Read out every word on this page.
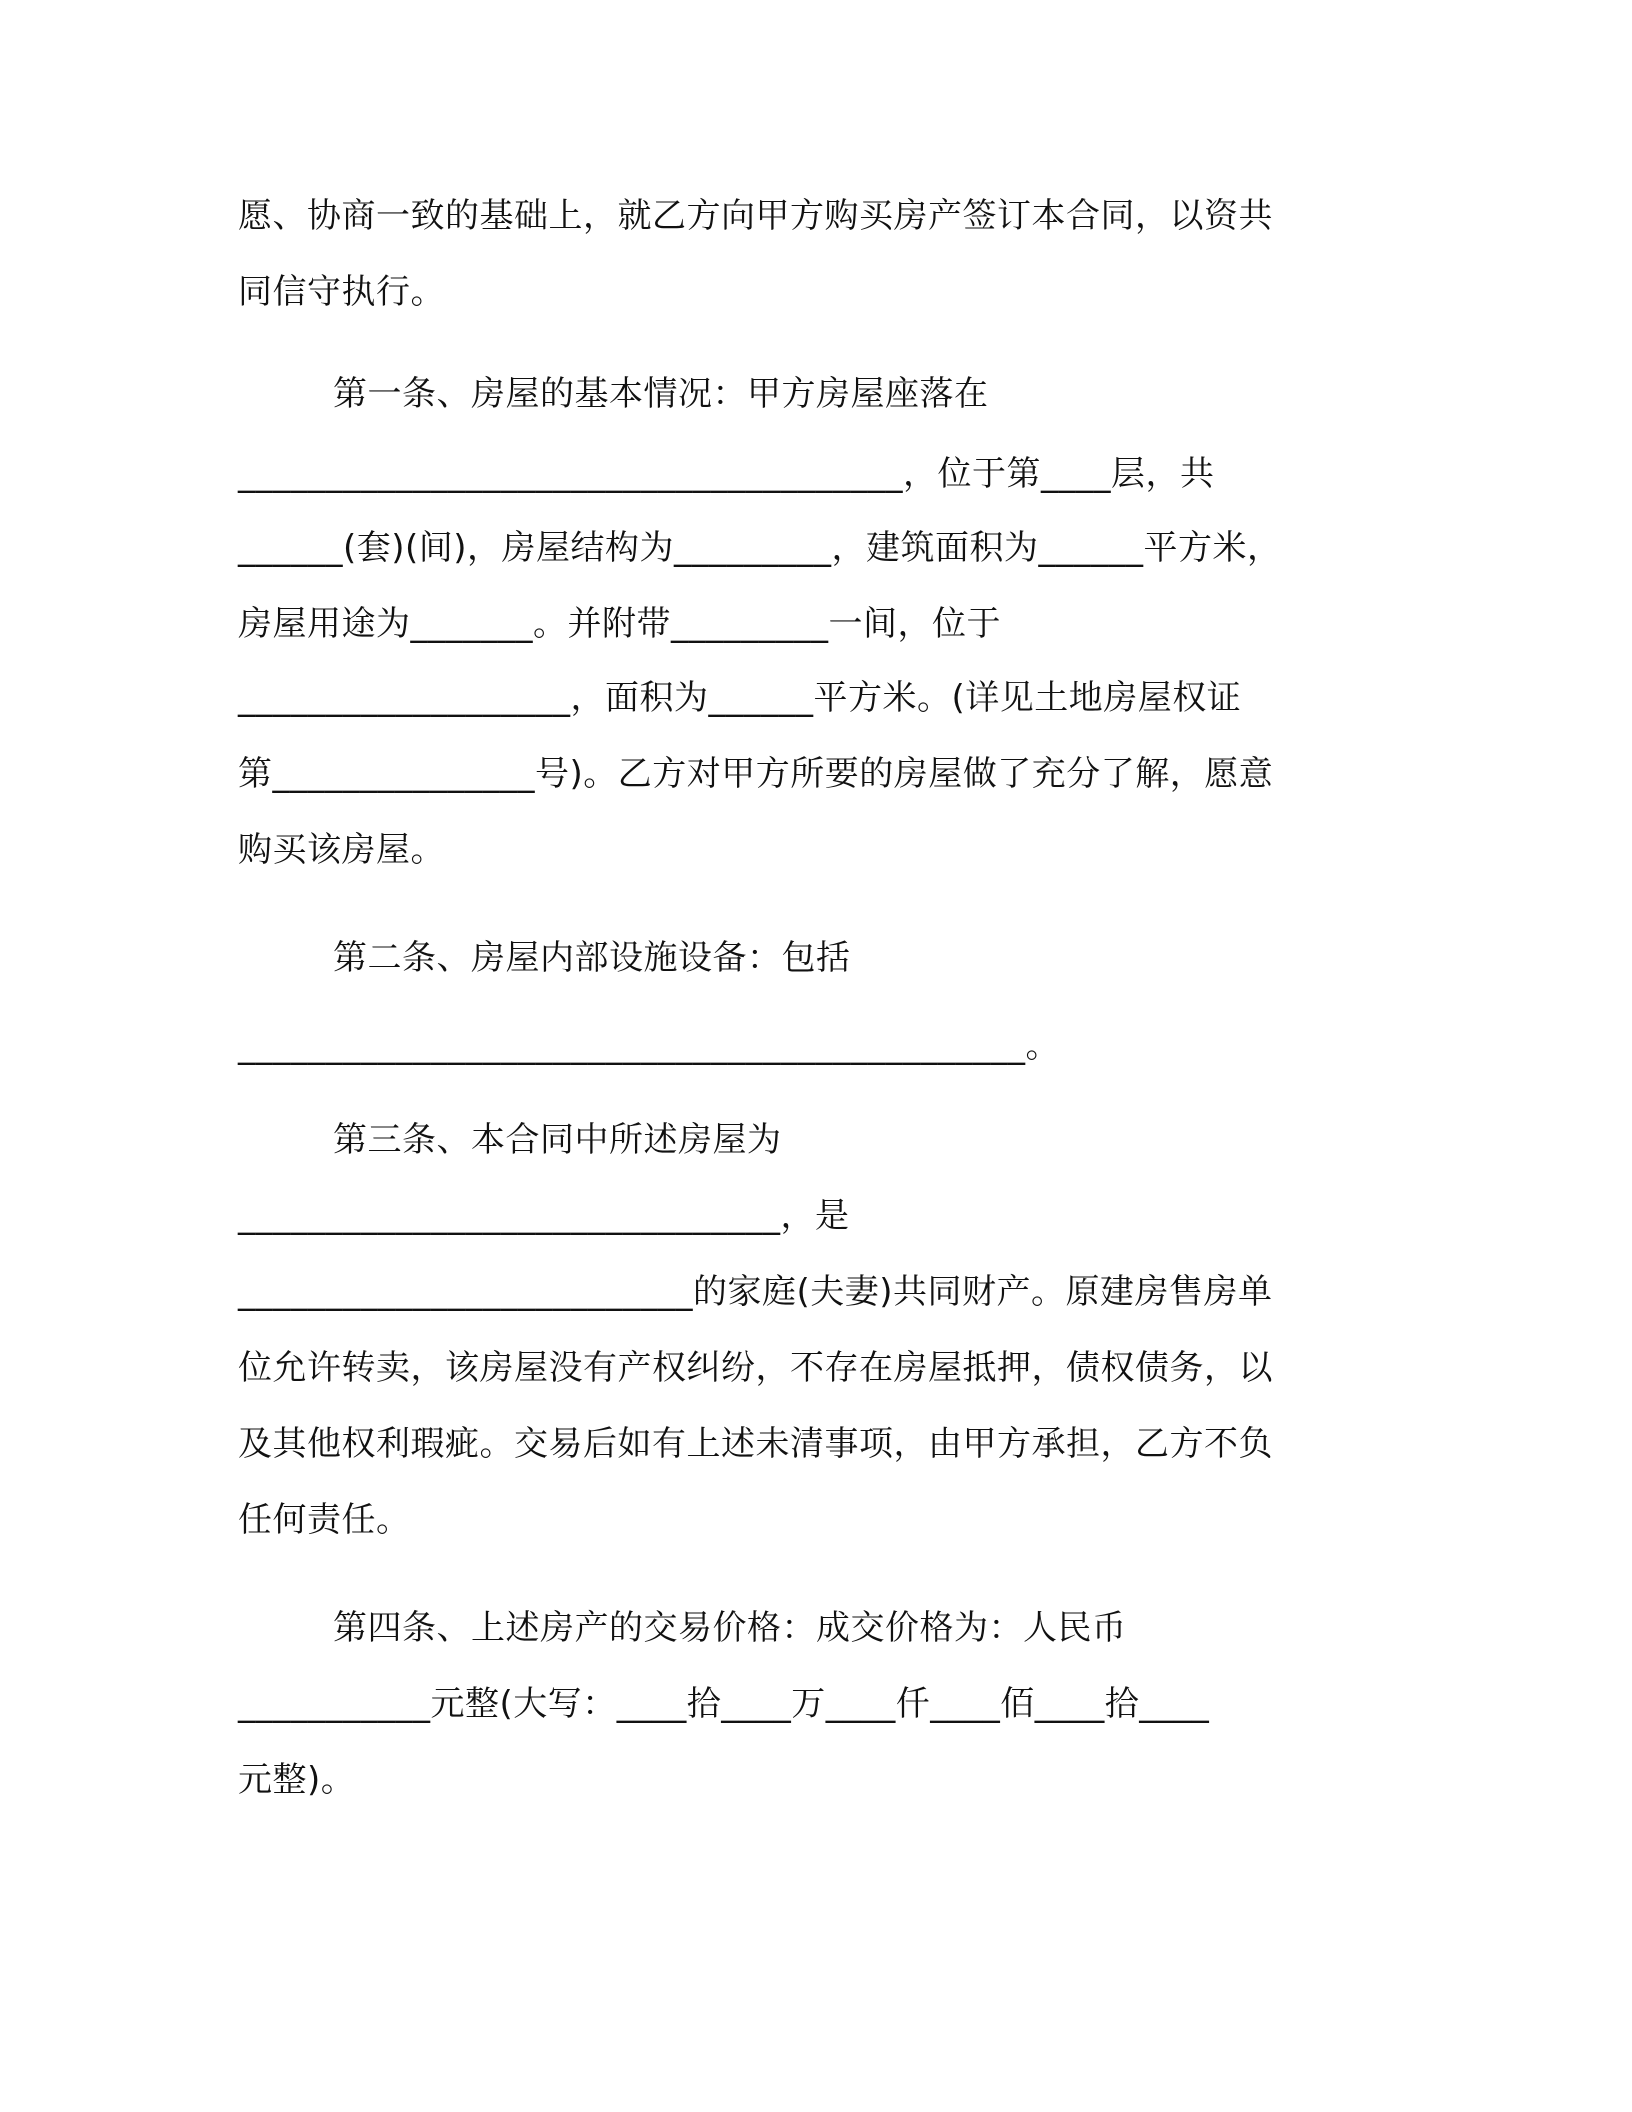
愿、协商一致的基础上，就乙方向甲方购买房产签订本合同，以资共
同信守执行。
第一条、房屋的基本情况：甲方房屋座落在
______________________________________，位于第____层，共
______(套)(间)，房屋结构为_________，建筑面积为______平方米，
房屋用途为_______。并附带_________一间，位于
___________________，面积为______平方米。(详见土地房屋权证
第_______________号)。乙方对甲方所要的房屋做了充分了解，愿意
购买该房屋。
第二条、房屋内部设施设备：包括
_____________________________________________。
第三条、本合同中所述房屋为
_______________________________，是
__________________________的家庭(夫妻)共同财产。原建房售房单
位允许转卖，该房屋没有产权纠纷，不存在房屋抵押，债权债务，以
及其他权利瑕疵。交易后如有上述未清事项，由甲方承担，乙方不负
任何责任。
第四条、上述房产的交易价格：成交价格为：人民币
___________元整(大写：____拾____万____仟____佰____拾____
元整)。
